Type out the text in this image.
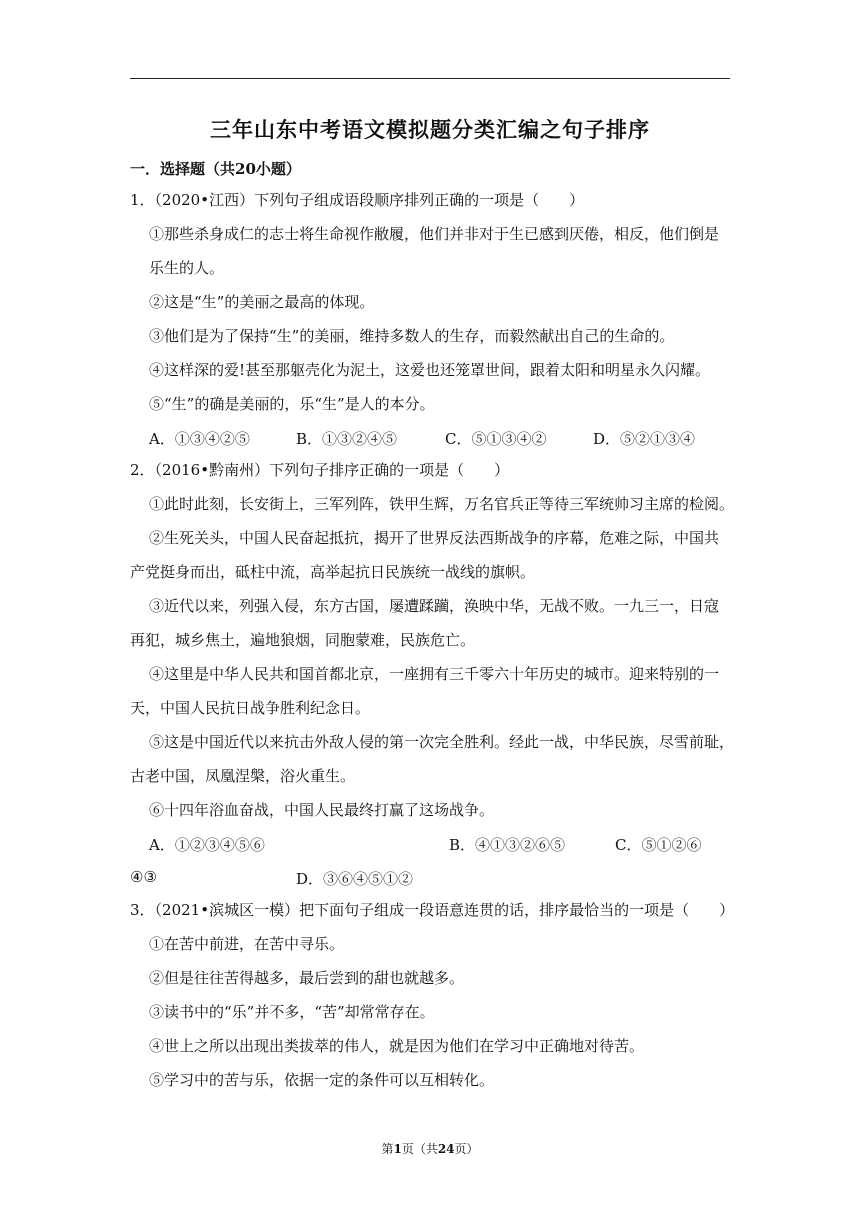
三年山东中考语文模拟题分类汇编之句子排序
一．选择题（共20小题）
1．（2020•江西）下列句子组成语段顺序排列正确的一项是（　　）
①那些杀身成仁的志士将生命视作敝履，他们并非对于生已感到厌倦，相反，他们倒是
乐生的人。
②这是“生”的美丽之最高的体现。
③他们是为了保持“生”的美丽，维持多数人的生存，而毅然献出自己的生命的。
④这样深的爱!甚至那躯壳化为泥土，这爱也还笼罩世间，跟着太阳和明星永久闪耀。
⑤“生”的确是美丽的，乐“生”是人的本分。
A．①③④②⑤	B．①③②④⑤	C．⑤①③④②	D．⑤②①③④
2．（2016•黔南州）下列句子排序正确的一项是（　　）
①此时此刻，长安街上，三军列阵，铁甲生辉，万名官兵正等待三军统帅习主席的检阅。
②生死关头，中国人民奋起抵抗，揭开了世界反法西斯战争的序幕，危难之际，中国共
产党挺身而出，砥柱中流，高举起抗日民族统一战线的旗帜。
③近代以来，列强入侵，东方古国，屡遭蹂躏，涣映中华，无战不败。一九三一，日寇
再犯，城乡焦土，遍地狼烟，同胞蒙难，民族危亡。
④这里是中华人民共和国首都北京，一座拥有三千零六十年历史的城市。迎来特别的一
天，中国人民抗日战争胜利纪念日。
⑤这是中国近代以来抗击外敌人侵的第一次完全胜利。经此一战，中华民族，尽雪前耻，
古老中国，凤凰涅槃，浴火重生。
⑥十四年浴血奋战，中国人民最终打赢了这场战争。
A．①②③④⑤⑥	B．④①③②⑥⑤	C．⑤①②⑥
④③	D．③⑥④⑤①②
3．（2021•滨城区一模）把下面句子组成一段语意连贯的话，排序最恰当的一项是（　　）
①在苦中前进，在苦中寻乐。
②但是往往苦得越多，最后尝到的甜也就越多。
③读书中的“乐”并不多，“苦”却常常存在。
④世上之所以出现出类拔萃的伟人，就是因为他们在学习中正确地对待苦。
⑤学习中的苦与乐，依据一定的条件可以互相转化。
第1页（共24页）
